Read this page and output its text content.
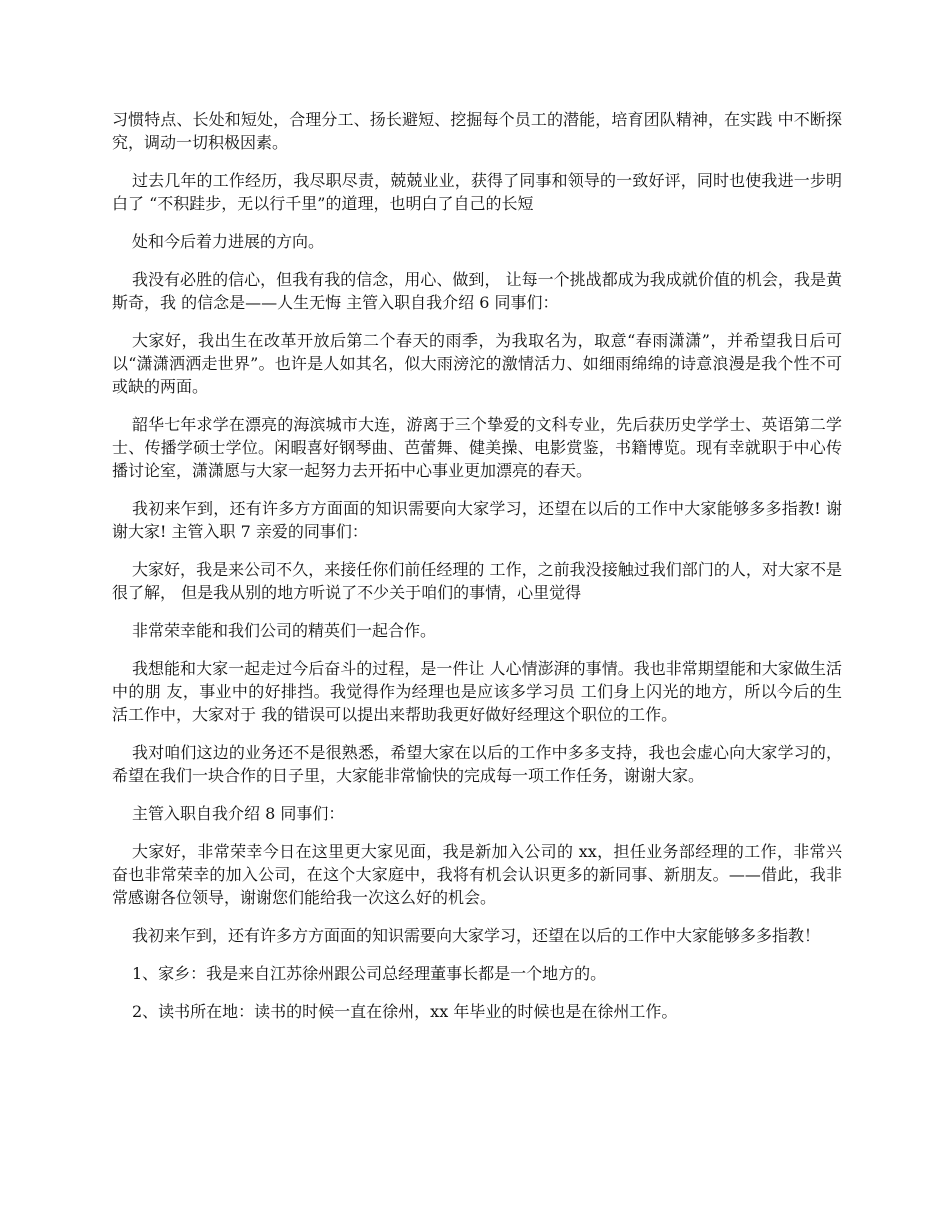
习惯特点、长处和短处，合理分工、扬长避短、挖掘每个员工的潜能，培育团队精神，在实践 中不断探究，调动一切积极因素。

过去几年的工作经历，我尽职尽责，兢兢业业，获得了同事和领导的一致好评，同时也使我进一步明白了 “不积跬步，无以行千里”的道理，也明白了自己的长短

处和今后着力进展的方向。

我没有必胜的信心，但我有我的信念，用心、做到， 让每一个挑战都成为我成就价值的机会，我是黄斯奇，我 的信念是——人生无悔 主管入职自我介绍 6 同事们：

大家好，我出生在改革开放后第二个春天的雨季，为我取名为，取意“春雨潇潇”，并希望我日后可以“潇潇洒洒走世界”。也许是人如其名，似大雨滂沱的激情活力、如细雨绵绵的诗意浪漫是我个性不可或缺的两面。

韶华七年求学在漂亮的海滨城市大连，游离于三个挚爱的文科专业，先后获历史学学士、英语第二学士、传播学硕士学位。闲暇喜好钢琴曲、芭蕾舞、健美操、电影赏鉴，书籍博览。现有幸就职于中心传播讨论室，潇潇愿与大家一起努力去开拓中心事业更加漂亮的春天。

我初来乍到，还有许多方方面面的知识需要向大家学习，还望在以后的工作中大家能够多多指教! 谢谢大家! 主管入职 7 亲爱的同事们：

大家好，我是来公司不久，来接任你们前任经理的 工作，之前我没接触过我们部门的人，对大家不是很了解， 但是我从别的地方听说了不少关于咱们的事情，心里觉得

非常荣幸能和我们公司的精英们一起合作。

我想能和大家一起走过今后奋斗的过程，是一件让 人心情澎湃的事情。我也非常期望能和大家做生活中的朋 友，事业中的好排挡。我觉得作为经理也是应该多学习员 工们身上闪光的地方，所以今后的生活工作中，大家对于 我的错误可以提出来帮助我更好做好经理这个职位的工作。

我对咱们这边的业务还不是很熟悉，希望大家在以后的工作中多多支持，我也会虚心向大家学习的，希望在我们一块合作的日子里，大家能非常愉快的完成每一项工作任务，谢谢大家。

主管入职自我介绍 8 同事们：

大家好，非常荣幸今日在这里更大家见面，我是新加入公司的 xx，担任业务部经理的工作，非常兴奋也非常荣幸的加入公司，在这个大家庭中，我将有机会认识更多的新同事、新朋友。——借此，我非常感谢各位领导，谢谢您们能给我一次这么好的机会。

我初来乍到，还有许多方方面面的知识需要向大家学习，还望在以后的工作中大家能够多多指教！

1、家乡：我是来自江苏徐州跟公司总经理董事长都是一个地方的。

2、读书所在地：读书的时候一直在徐州，xx 年毕业的时候也是在徐州工作。
